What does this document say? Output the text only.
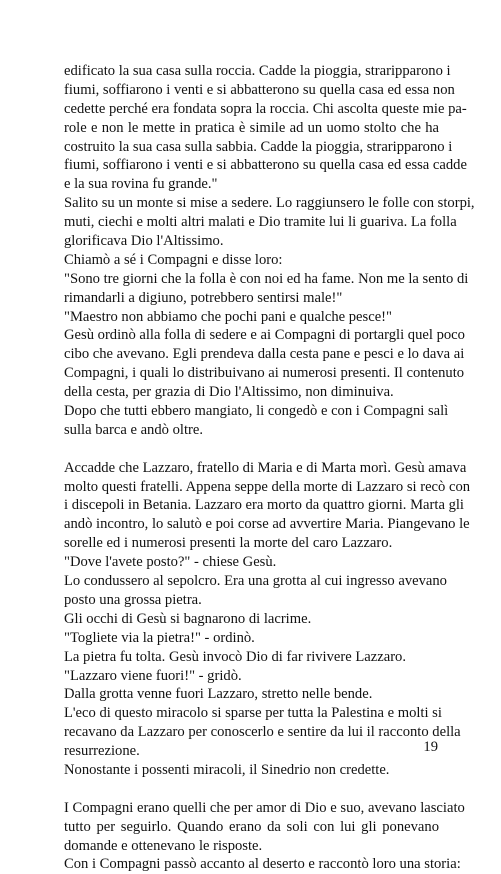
edificato la sua casa sulla roccia. Cadde la pioggia, straripparono i
fiumi, soffiarono i venti e si abbatterono su quella casa ed essa non
cedette perché era fondata sopra la roccia. Chi ascolta queste mie pa-
role e non le mette in pratica è simile ad un uomo stolto che ha
costruito la sua casa sulla sabbia. Cadde la pioggia, straripparono i
fiumi, soffiarono i venti e si abbatterono su quella casa ed essa cadde
e la sua rovina fu grande."
Salito su un monte si mise a sedere. Lo raggiunsero le folle con storpi,
muti, ciechi e molti altri malati e Dio tramite lui li guariva. La folla
glorificava Dio l'Altissimo.
Chiamò a sé i Compagni e disse loro:
"Sono tre giorni che la folla è con noi ed ha fame. Non me la sento di
rimandarli a digiuno, potrebbero sentirsi male!"
"Maestro non abbiamo che pochi pani e qualche pesce!"
Gesù ordinò alla folla di sedere e ai Compagni di portargli quel poco
cibo che avevano. Egli prendeva dalla cesta pane e pesci e lo dava ai
Compagni, i quali lo distribuivano ai numerosi presenti. Il contenuto
della cesta, per grazia di Dio l'Altissimo, non diminuiva.
Dopo che tutti ebbero mangiato, li congedò e con i Compagni salì
sulla barca e andò oltre.
Accadde che Lazzaro, fratello di Maria e di Marta morì. Gesù amava
molto questi fratelli. Appena seppe della morte di Lazzaro si recò con
i discepoli in Betania. Lazzaro era morto da quattro giorni. Marta gli
andò incontro, lo salutò e poi corse ad avvertire Maria. Piangevano le
sorelle ed i numerosi presenti la morte del caro Lazzaro.
"Dove l'avete posto?" - chiese Gesù.
Lo condussero al sepolcro. Era una grotta al cui ingresso avevano
posto una grossa pietra.
Gli occhi di Gesù si bagnarono di lacrime.
"Togliete via la pietra!" - ordinò.
La pietra fu tolta. Gesù invocò Dio di far rivivere Lazzaro.
"Lazzaro viene fuori!" - gridò.
Dalla grotta venne fuori Lazzaro, stretto nelle bende.
L'eco di questo miracolo si sparse per tutta la Palestina e molti si
recavano da Lazzaro per conoscerlo e sentire da lui il racconto della
resurrezione.
Nonostante i possenti miracoli, il Sinedrio non credette.
I Compagni erano quelli che per amor di Dio e suo, avevano lasciato
tutto per seguirlo. Quando erano da soli con lui gli ponevano
domande e ottenevano le risposte.
Con i Compagni passò accanto al deserto e raccontò loro una storia:
19
